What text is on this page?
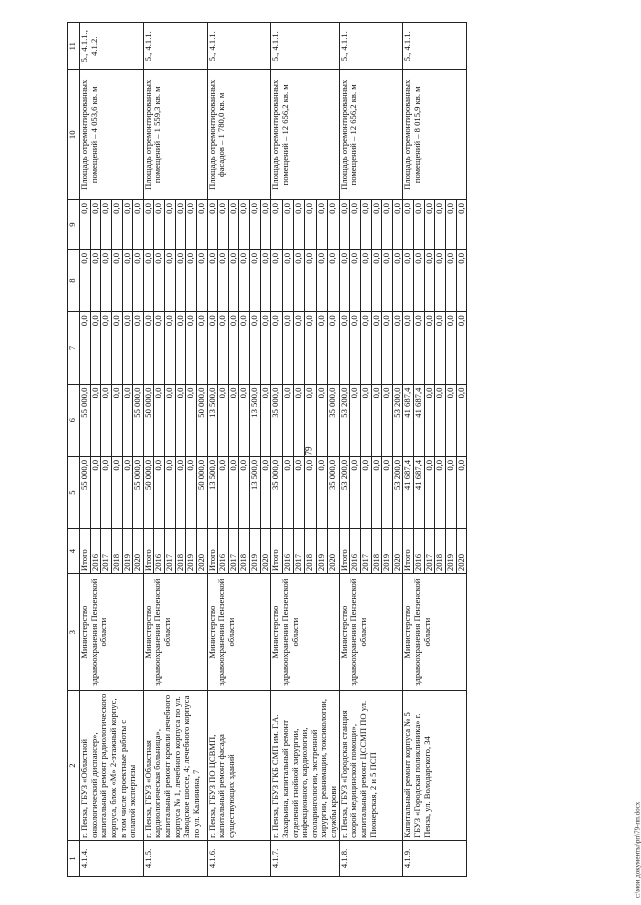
79
1	2	3	4	5	6	7	8	9	10	11
4.1.4.	г. Пенза, ГБУЗ «Областной онкологический диспансер», капитальный ремонт радиологического корпуса, блок «М» 2-этажный корпус, в том числе проектные работы с оплатой экспертизы	Министерство здравоохранения Пензенской области	Итого	55 000,0	55 000,0	0,0	0,0	0,0	Площадь отремонтированных помещений – 4 053,6 кв. м	5., 4.1.1., 4.1.2.
			2016	0,0	0,0	0,0	0,0	0,0		
			2017	0,0	0,0	0,0	0,0	0,0		
			2018	0,0	0,0	0,0	0,0	0,0		
			2019	0,0	0,0	0,0	0,0	0,0		
			2020	55 000,0	55 000,0	0,0	0,0	0,0		
4.1.5.	г. Пенза, ГБУЗ «Областная кардиологическая больница», капитальный ремонт кровли лечебного корпуса № 1, лечебного корпуса по ул. Заводское шоссе, 4; лечебного корпуса по ул. Калинина, 7	Министерство здравоохранения Пензенской области	Итого	50 000,0	50 000,0	0,0	0,0	0,0	Площадь отремонтированных помещений – 1 559,3 кв. м	5., 4.1.1.
			2016	0,0	0,0	0,0	0,0	0,0		
			2017	0,0	0,0	0,0	0,0	0,0		
			2018	0,0	0,0	0,0	0,0	0,0		
			2019	0,0	0,0	0,0	0,0	0,0		
			2020	50 000,0	50 000,0	0,0	0,0	0,0		
4.1.6.	г. Пенза, ГБУЗ ПО ЦСВМП, капитальный ремонт фасада существующих зданий	Министерство здравоохранения Пензенской области	Итого	13 500,0	13 500,0	0,0	0,0	0,0	Площадь отремонтированных фасадов – 1 780,0 кв. м	5., 4.1.1.
			2016	0,0	0,0	0,0	0,0	0,0		
			2017	0,0	0,0	0,0	0,0	0,0		
			2018	0,0	0,0	0,0	0,0	0,0		
			2019	13 500,0	13 500,0	0,0	0,0	0,0		
			2020	0,0	0,0	0,0	0,0	0,0		
4.1.7.	г. Пенза, ГБУЗ ГКБ СМП им. Г.А. Захарьина, капитальный ремонт отделений гнойной хирургии, инфекционного, кардиологии, отоларингологии, экстренной хирургии, реанимации, токсикологии, службы крови	Министерство здравоохранения Пензенской области	Итого	35 000,0	35 000,0	0,0	0,0	0,0	Площадь отремонтированных помещений – 12 656,2 кв. м	5., 4.1.1.
			2016	0,0	0,0	0,0	0,0	0,0		
			2017	0,0	0,0	0,0	0,0	0,0		
			2018	0,0	0,0	0,0	0,0	0,0		
			2019	0,0	0,0	0,0	0,0	0,0		
			2020	35 000,0	35 000,0	0,0	0,0	0,0		
4.1.8.	г. Пенза, ГБУЗ «Городская станция скорой медицинской помощи», капитальный ремонт ЦССМП ПО ул. Пионерская, 2 и 5 ПСП	Министерство здравоохранения Пензенской области	Итого	53 200,0	53 200,0	0,0	0,0	0,0	Площадь отремонтированных помещений – 12 656,2 кв. м	5., 4.1.1.
			2016	0,0	0,0	0,0	0,0	0,0		
			2017	0,0	0,0	0,0	0,0	0,0		
			2018	0,0	0,0	0,0	0,0	0,0		
			2019	0,0	0,0	0,0	0,0	0,0		
			2020	53 200,0	53 200,0	0,0	0,0	0,0		
4.1.9.	Капитальный ремонт корпуса № 5 ГБУЗ «Городская поликлиника» г. Пенза, ул. Володарского, 34	Министерство здравоохранения Пензенской области	Итого	41 687,4	41 687,4	0,0	0,0	0,0	Площадь отремонтированных помещений – 8 015,9 кв. м	5., 4.1.1.
			2016	41 687,4	41 687,4	0,0	0,0	0,0		
			2017	0,0	0,0	0,0	0,0	0,0		
			2018	0,0	0,0	0,0	0,0	0,0		
			2019	0,0	0,0	0,0	0,0	0,0		
			2020	0,0	0,0	0,0	0,0	0,0		
c:\мои документы\рп\79-пп.docx
